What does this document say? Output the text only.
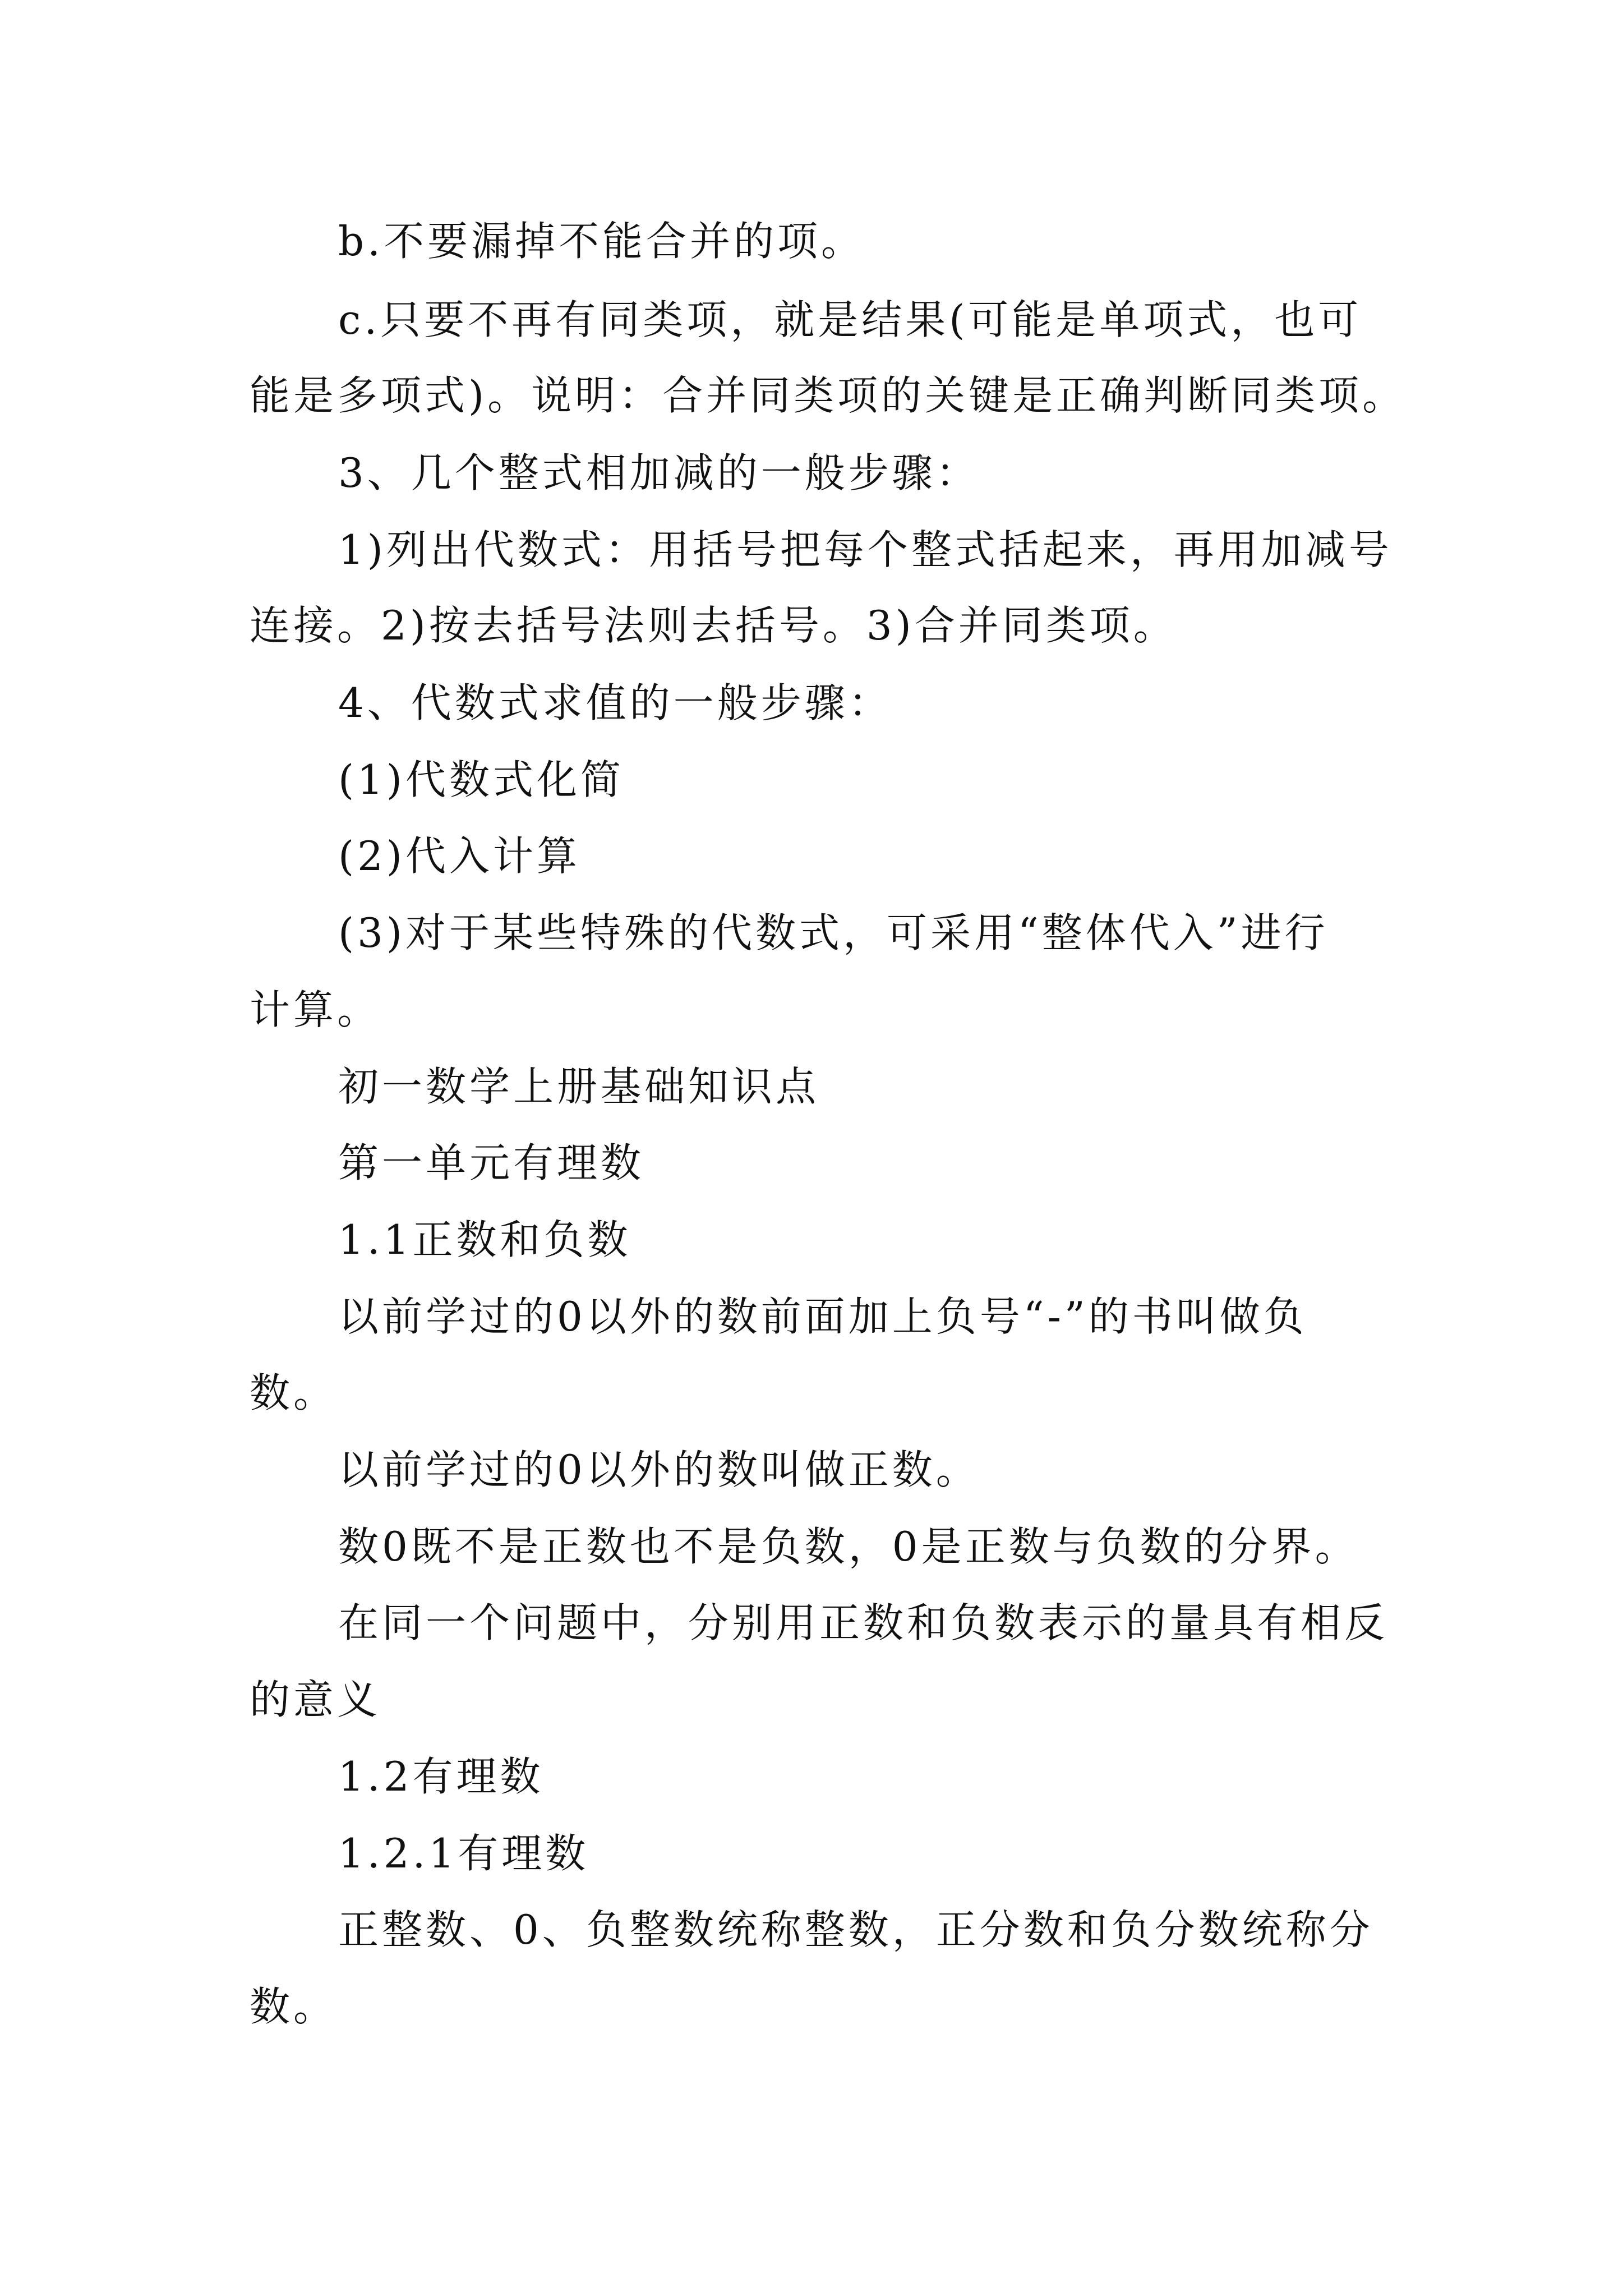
b.不要漏掉不能合并的项。
c.只要不再有同类项，就是结果(可能是单项式，也可
能是多项式)。说明：合并同类项的关键是正确判断同类项。
3、几个整式相加减的一般步骤：
1)列出代数式：用括号把每个整式括起来，再用加减号
连接。2)按去括号法则去括号。3)合并同类项。
4、代数式求值的一般步骤：
(1)代数式化简
(2)代入计算
(3)对于某些特殊的代数式，可采用“整体代入”进行
计算。
初一数学上册基础知识点
第一单元有理数
1.1正数和负数
以前学过的0以外的数前面加上负号“-”的书叫做负
数。
以前学过的0以外的数叫做正数。
数0既不是正数也不是负数，0是正数与负数的分界。
在同一个问题中，分别用正数和负数表示的量具有相反
的意义
1.2有理数
1.2.1有理数
正整数、0、负整数统称整数，正分数和负分数统称分
数。
